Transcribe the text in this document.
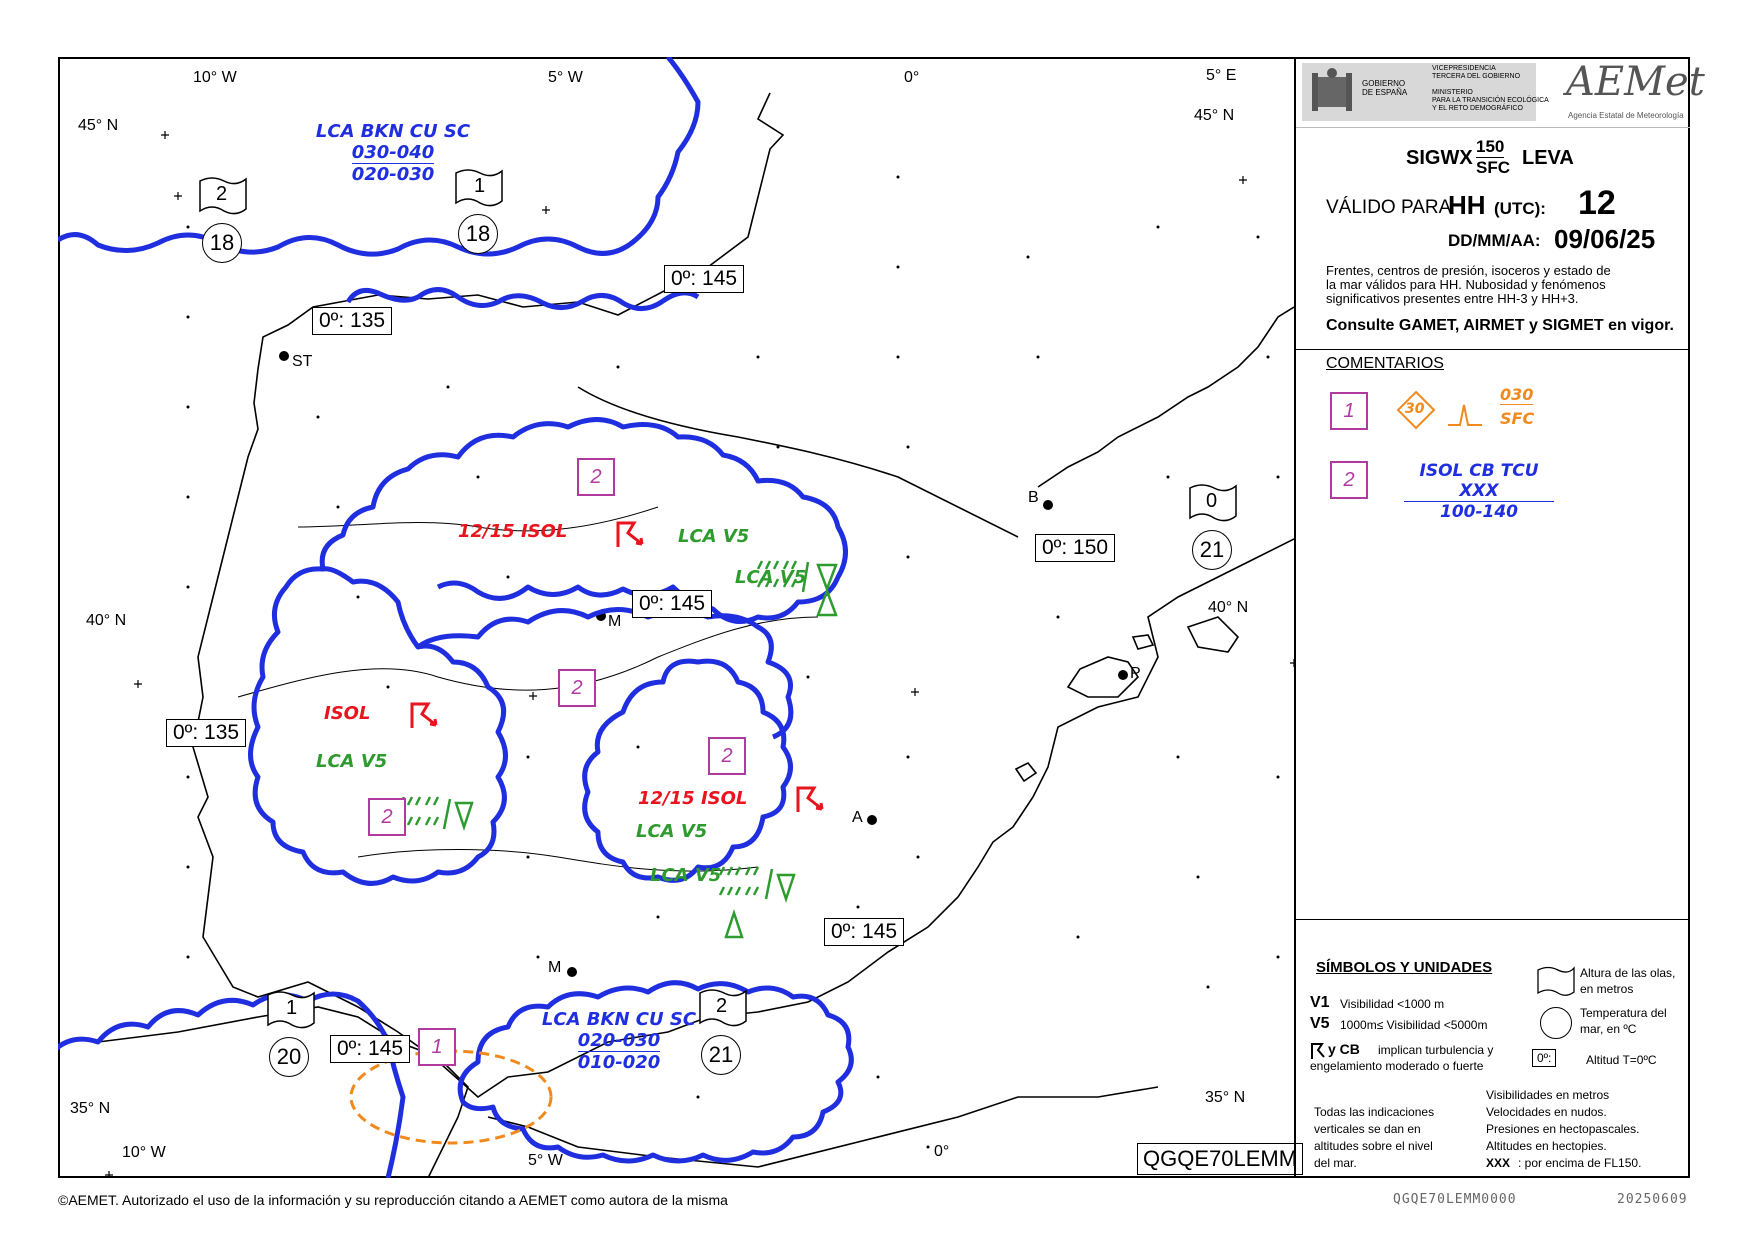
10° W	5° W	0°	5° E
45° N
45° N
40° N
40° N
35° N
35° N
10° W	5° W
0°
ST
M
B
P
A
M
0º: 145
0º: 135
0º: 145
0º: 150
0º: 135
0º: 145
0º: 145
2	1
0
1	2
18	18
21
20	21
LCA BKN CU SC
030-040
020-030
LCA BKN CU SC
020-030
010-020
2
2
2
2
1
12/15 ISOL
ISOL
12/15 ISOL
LCA V5
LCA V5
LCA V5
LCA V5
LCA V5
QGQE70LEMM
GOBIERNO
DE ESPAÑA
VICEPRESIDENCIA
TERCERA DEL GOBIERNO
MINISTERIO
PARA LA TRANSICIÓN ECOLÓGICA
Y EL RETO DEMOGRÁFICO
AEMet
Agencia Estatal de Meteorología
SIGWX
150
SFC LEVA
VÁLIDO PARA
HH (UTC): 12
DD/MM/AA: 09/06/25
Frentes, centros de presión, isoceros y estado de
la mar válidos para HH. Nubosidad y fenómenos
significativos presentes entre HH-3 y HH+3.
Consulte GAMET, AIRMET y SIGMET en vigor.
COMENTARIOS
1	30
030
SFC
2	ISOL CB TCU
XXX
100-140
SÍMBOLOS Y UNIDADES	Altura de las olas, en metros
Temperatura del mar, en ºC
V1 Visibilidad <1000 m
V5 1000m≤ Visibilidad <5000m
y CB implican turbulencia y
engelamiento moderado o fuerte
0º:	Altitud T=0ºC
Todas las indicaciones
verticales se dan en
altitudes sobre el nivel
del mar.
Visibilidades en metros
Velocidades en nudos.
Presiones en hectopascales.
Altitudes en hectopies.
XXX : por encima de FL150.
©AEMET. Autorizado el uso de la información y su reproducción citando a AEMET como autora de la misma	QGQE70LEMM0000	20250609
